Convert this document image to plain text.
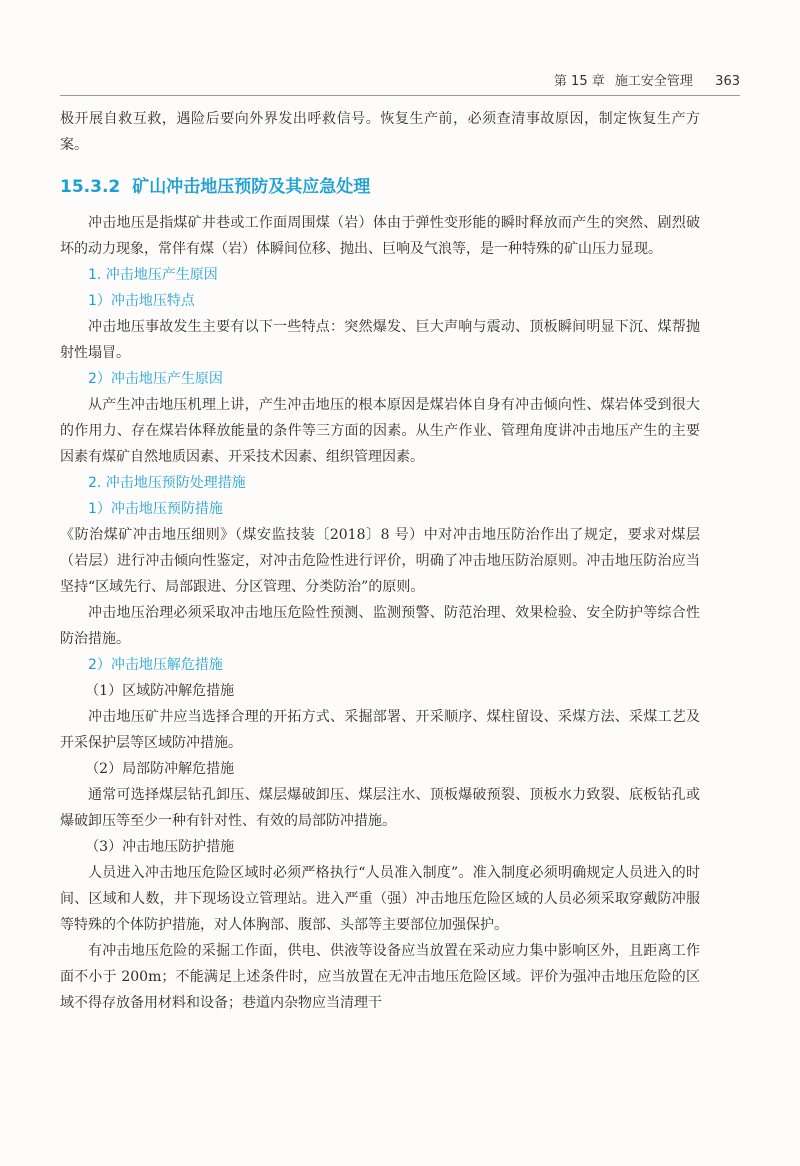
第 15 章 施工安全管理 363

极开展自救互救，遇险后要向外界发出呼救信号。恢复生产前，必须查清事故原因，制定恢复生产方案。

15.3.2 矿山冲击地压预防及其应急处理

冲击地压是指煤矿井巷或工作面周围煤（岩）体由于弹性变形能的瞬时释放而产生的突然、剧烈破坏的动力现象，常伴有煤（岩）体瞬间位移、抛出、巨响及气浪等，是一种特殊的矿山压力显现。

1. 冲击地压产生原因
1）冲击地压特点

冲击地压事故发生主要有以下一些特点：突然爆发、巨大声响与震动、顶板瞬间明显下沉、煤帮抛射性塌冒。

2）冲击地压产生原因

从产生冲击地压机理上讲，产生冲击地压的根本原因是煤岩体自身有冲击倾向性、煤岩体受到很大的作用力、存在煤岩体释放能量的条件等三方面的因素。从生产作业、管理角度讲冲击地压产生的主要因素有煤矿自然地质因素、开采技术因素、组织管理因素。

2. 冲击地压预防处理措施
1）冲击地压预防措施

《防治煤矿冲击地压细则》（煤安监技装〔2018〕8 号）中对冲击地压防治作出了规定，要求对煤层（岩层）进行冲击倾向性鉴定，对冲击危险性进行评价，明确了冲击地压防治原则。冲击地压防治应当坚持“区域先行、局部跟进、分区管理、分类防治”的原则。

冲击地压治理必须采取冲击地压危险性预测、监测预警、防范治理、效果检验、安全防护等综合性防治措施。

2）冲击地压解危措施
（1）区域防冲解危措施

冲击地压矿井应当选择合理的开拓方式、采掘部署、开采顺序、煤柱留设、采煤方法、采煤工艺及开采保护层等区域防冲措施。

（2）局部防冲解危措施

通常可选择煤层钻孔卸压、煤层爆破卸压、煤层注水、顶板爆破预裂、顶板水力致裂、底板钻孔或爆破卸压等至少一种有针对性、有效的局部防冲措施。

（3）冲击地压防护措施

人员进入冲击地压危险区域时必须严格执行“人员准入制度”。准入制度必须明确规定人员进入的时间、区域和人数，井下现场设立管理站。进入严重（强）冲击地压危险区域的人员必须采取穿戴防冲服等特殊的个体防护措施，对人体胸部、腹部、头部等主要部位加强保护。

有冲击地压危险的采掘工作面，供电、供液等设备应当放置在采动应力集中影响区外，且距离工作面不小于 200m；不能满足上述条件时，应当放置在无冲击地压危险区域。评价为强冲击地压危险的区域不得存放备用材料和设备；巷道内杂物应当清理干
